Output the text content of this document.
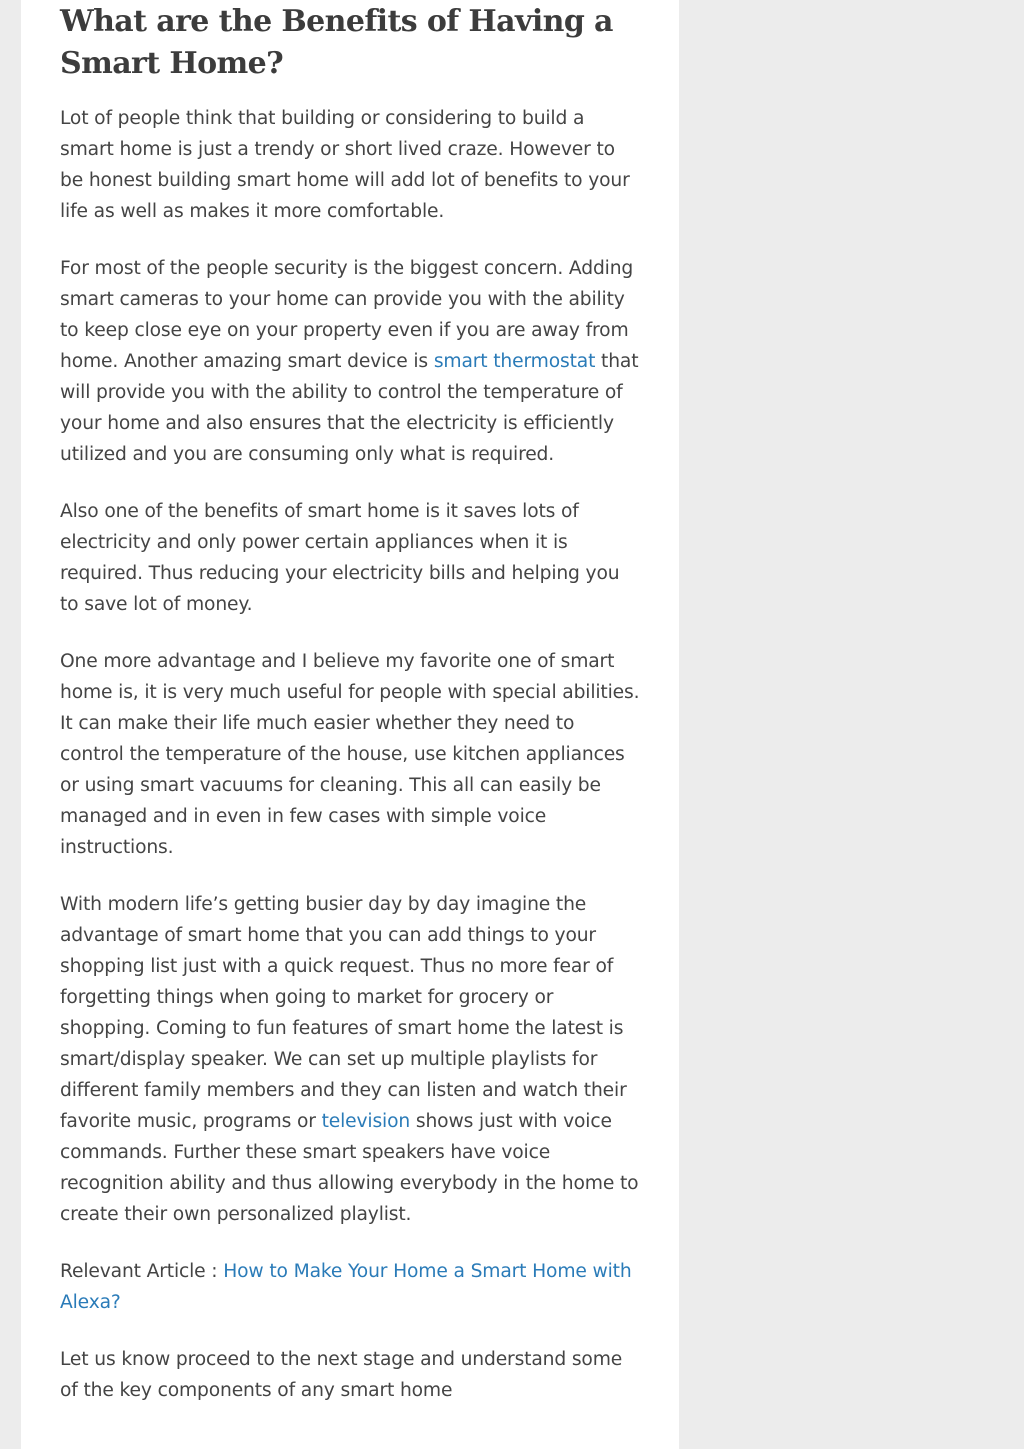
What are the Benefits of Having a Smart Home?

Lot of people think that building or considering to build a smart home is just a trendy or short lived craze. However to be honest building smart home will add lot of benefits to your life as well as makes it more comfortable.

For most of the people security is the biggest concern. Adding smart cameras to your home can provide you with the ability to keep close eye on your property even if you are away from home. Another amazing smart device is smart thermostat that will provide you with the ability to control the temperature of your home and also ensures that the electricity is efficiently utilized and you are consuming only what is required.

Also one of the benefits of smart home is it saves lots of electricity and only power certain appliances when it is required. Thus reducing your electricity bills and helping you to save lot of money.

One more advantage and I believe my favorite one of smart home is, it is very much useful for people with special abilities. It can make their life much easier whether they need to control the temperature of the house, use kitchen appliances or using smart vacuums for cleaning. This all can easily be managed and in even in few cases with simple voice instructions.

With modern life’s getting busier day by day imagine the advantage of smart home that you can add things to your shopping list just with a quick request. Thus no more fear of forgetting things when going to market for grocery or shopping. Coming to fun features of smart home the latest is smart/display speaker. We can set up multiple playlists for different family members and they can listen and watch their favorite music, programs or television shows just with voice commands. Further these smart speakers have voice recognition ability and thus allowing everybody in the home to create their own personalized playlist.

Relevant Article : How to Make Your Home a Smart Home with Alexa?

Let us know proceed to the next stage and understand some of the key components of any smart home
